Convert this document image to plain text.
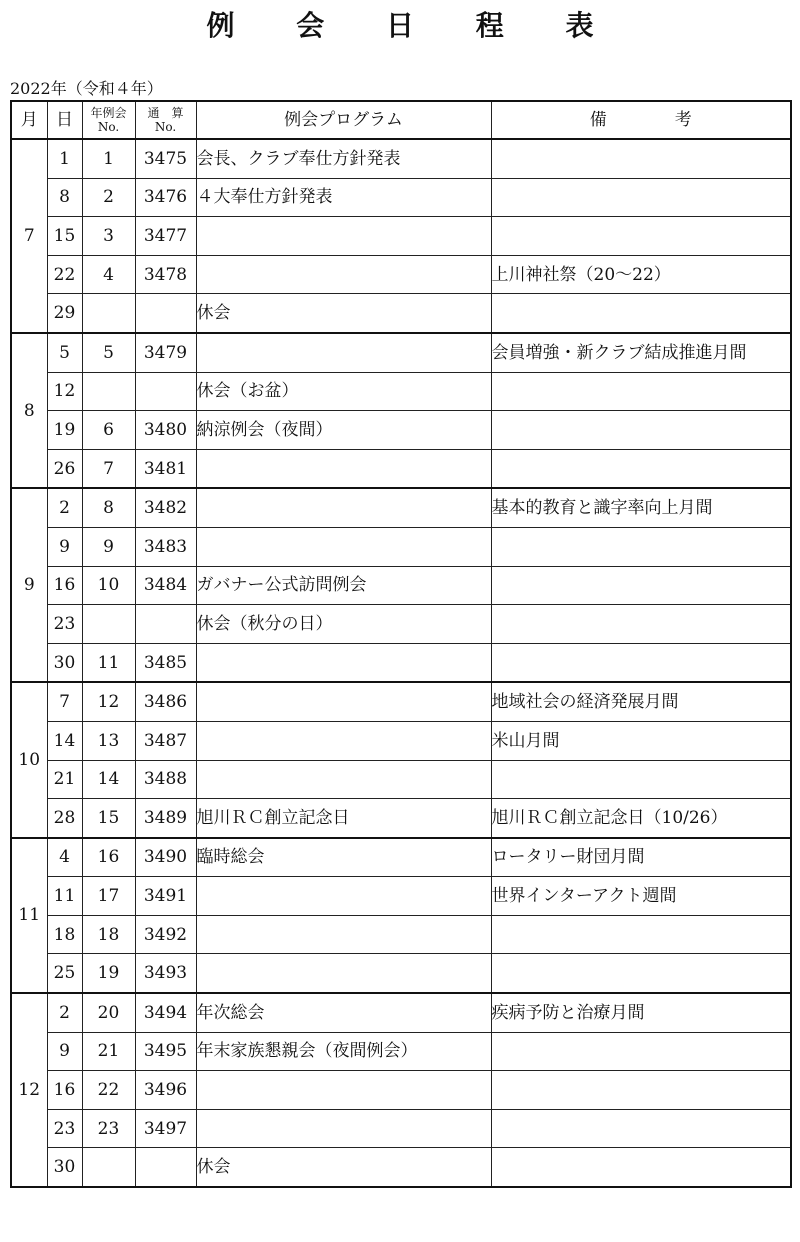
例 会 日 程 表
2022年（令和４年）
月	日	年例会
No.	通　算
No.	例会プログラム	備　　　　考
7	1	1	3475	会長、クラブ奉仕方針発表	
	8	2	3476	４大奉仕方針発表	
	15	3	3477		
	22	4	3478		上川神社祭（20～22）
	29			休会	
8	5	5	3479		会員増強・新クラブ結成推進月間
	12			休会（お盆）	
	19	6	3480	納涼例会（夜間）	
	26	7	3481		
9	2	8	3482		基本的教育と識字率向上月間
	9	9	3483		
	16	10	3484	ガバナー公式訪問例会	
	23			休会（秋分の日）	
	30	11	3485		
10	7	12	3486		地域社会の経済発展月間
	14	13	3487		米山月間
	21	14	3488		
	28	15	3489	旭川ＲＣ創立記念日	旭川ＲＣ創立記念日（10/26）
11	4	16	3490	臨時総会	ロータリー財団月間
	11	17	3491		世界インターアクト週間
	18	18	3492		
	25	19	3493		
12	2	20	3494	年次総会	疾病予防と治療月間
	9	21	3495	年末家族懇親会（夜間例会）	
	16	22	3496		
	23	23	3497		
	30			休会	
